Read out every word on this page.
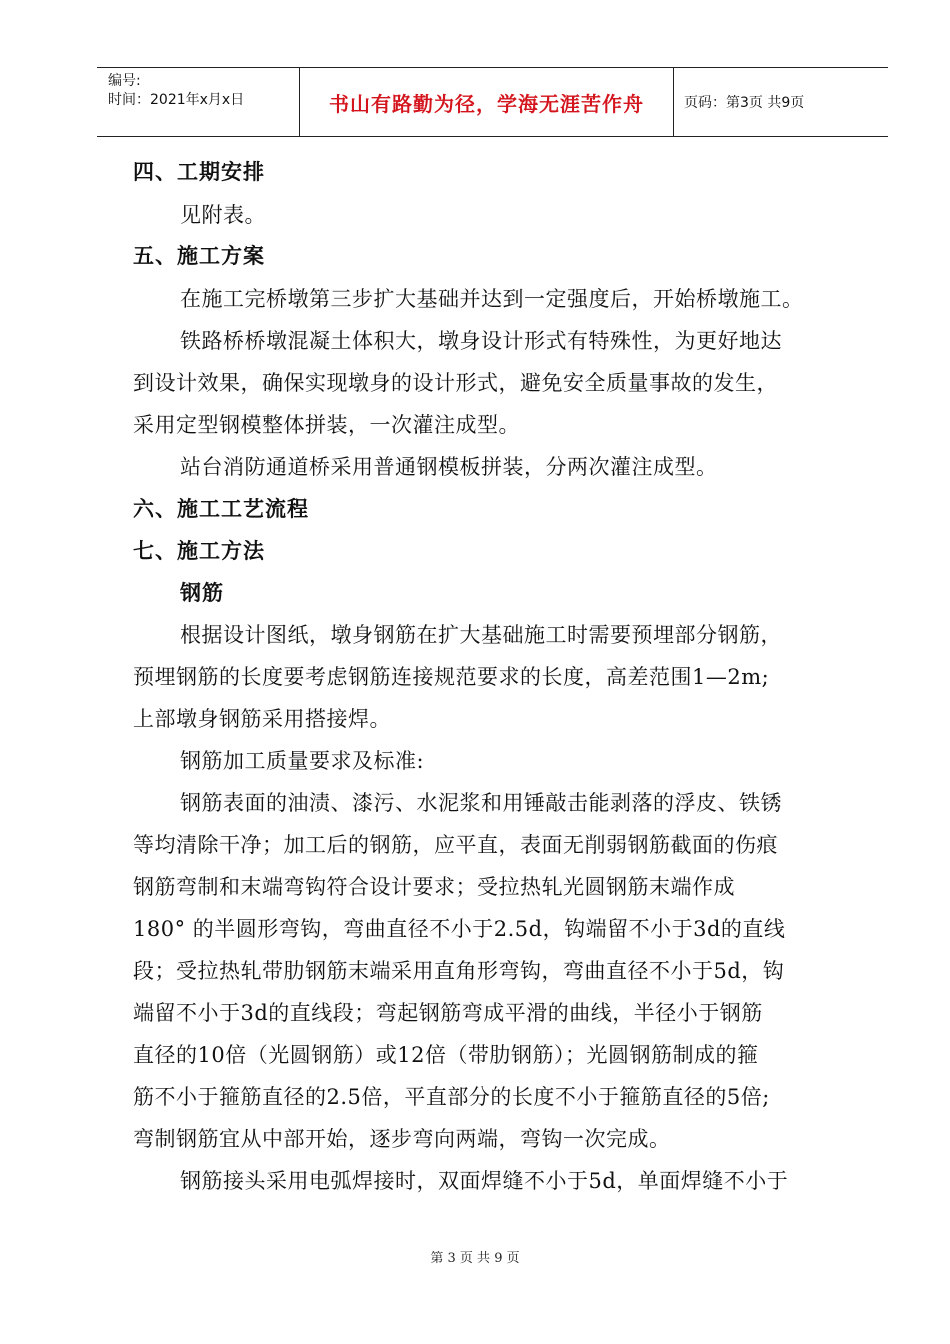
编号:
时间：2021年x月x日	书山有路勤为径，学海无涯苦作舟	页码：第3页 共9页
四、工期安排
见附表。
五、施工方案
在施工完桥墩第三步扩大基础并达到一定强度后，开始桥墩施工。
铁路桥桥墩混凝土体积大，墩身设计形式有特殊性，为更好地达
到设计效果，确保实现墩身的设计形式，避免安全质量事故的发生，
采用定型钢模整体拼装，一次灌注成型。
站台消防通道桥采用普通钢模板拼装，分两次灌注成型。
六、施工工艺流程
七、施工方法
钢筋
根据设计图纸，墩身钢筋在扩大基础施工时需要预埋部分钢筋，
预埋钢筋的长度要考虑钢筋连接规范要求的长度，高差范围1—2m;
上部墩身钢筋采用搭接焊。
钢筋加工质量要求及标准:
钢筋表面的油渍、漆污、水泥浆和用锤敲击能剥落的浮皮、铁锈
等均清除干净；加工后的钢筋，应平直，表面无削弱钢筋截面的伤痕
钢筋弯制和末端弯钩符合设计要求；受拉热轧光圆钢筋末端作成
180° 的半圆形弯钩，弯曲直径不小于2.5d，钩端留不小于3d的直线
段；受拉热轧带肋钢筋末端采用直角形弯钩，弯曲直径不小于5d，钩
端留不小于3d的直线段；弯起钢筋弯成平滑的曲线，半径小于钢筋
直径的10倍（光圆钢筋）或12倍（带肋钢筋）；光圆钢筋制成的箍
筋不小于箍筋直径的2.5倍，平直部分的长度不小于箍筋直径的5倍;
弯制钢筋宜从中部开始，逐步弯向两端，弯钩一次完成。
钢筋接头采用电弧焊接时，双面焊缝不小于5d，单面焊缝不小于
第 3 页 共 9 页
